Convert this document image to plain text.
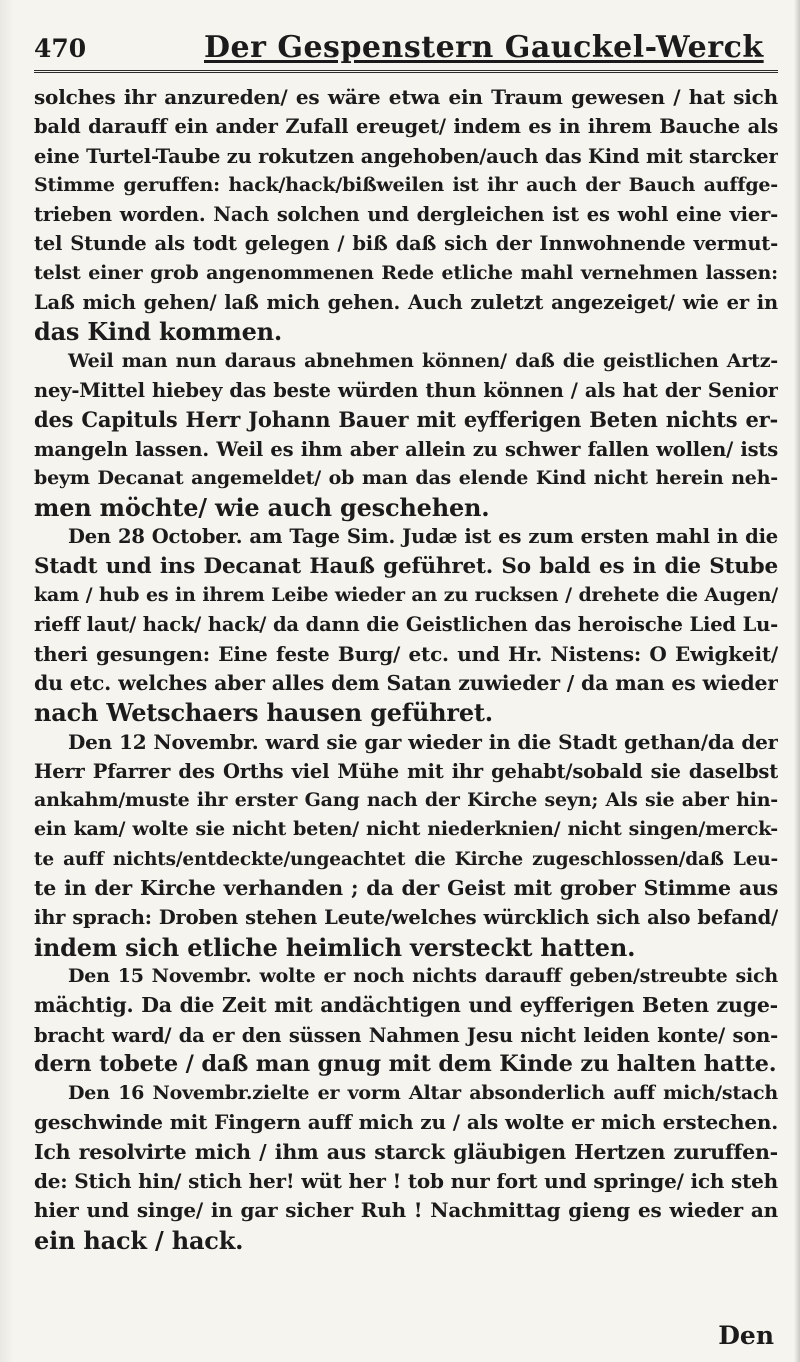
470	Der Gespenstern Gauckel-Werck
solches ihr anzureden/ es wäre etwa ein Traum gewesen / hat sich
bald darauff ein ander Zufall ereuget/ indem es in ihrem Bauche als
eine Turtel-Taube zu rokutzen angehoben/auch das Kind mit starcker
Stimme geruffen: hack/hack/bißweilen ist ihr auch der Bauch auffge-
trieben worden. Nach solchen und dergleichen ist es wohl eine vier-
tel Stunde als todt gelegen / biß daß sich der Innwohnende vermut-
telst einer grob angenommenen Rede etliche mahl vernehmen lassen:
Laß mich gehen/ laß mich gehen. Auch zuletzt angezeiget/ wie er in
das Kind kommen.
Weil man nun daraus abnehmen können/ daß die geistlichen Artz-
ney-Mittel hiebey das beste würden thun können / als hat der Senior
des Capituls Herr Johann Bauer mit eyfferigen Beten nichts er-
mangeln lassen. Weil es ihm aber allein zu schwer fallen wollen/ ists
beym Decanat angemeldet/ ob man das elende Kind nicht herein neh-
men möchte/ wie auch geschehen.
Den 28 October. am Tage Sim. Judæ ist es zum ersten mahl in die
Stadt und ins Decanat Hauß geführet. So bald es in die Stube
kam / hub es in ihrem Leibe wieder an zu rucksen / drehete die Augen/
rieff laut/ hack/ hack/ da dann die Geistlichen das heroische Lied Lu-
theri gesungen: Eine feste Burg/ etc. und Hr. Nistens: O Ewigkeit/
du etc. welches aber alles dem Satan zuwieder / da man es wieder
nach Wetschaers hausen geführet.
Den 12 Novembr. ward sie gar wieder in die Stadt gethan/da der
Herr Pfarrer des Orths viel Mühe mit ihr gehabt/sobald sie daselbst
ankahm/muste ihr erster Gang nach der Kirche seyn; Als sie aber hin-
ein kam/ wolte sie nicht beten/ nicht niederknien/ nicht singen/merck-
te auff nichts/entdeckte/ungeachtet die Kirche zugeschlossen/daß Leu-
te in der Kirche verhanden ; da der Geist mit grober Stimme aus
ihr sprach: Droben stehen Leute/welches würcklich sich also befand/
indem sich etliche heimlich versteckt hatten.
Den 15 Novembr. wolte er noch nichts darauff geben/streubte sich
mächtig. Da die Zeit mit andächtigen und eyfferigen Beten zuge-
bracht ward/ da er den süssen Nahmen Jesu nicht leiden konte/ son-
dern tobete / daß man gnug mit dem Kinde zu halten hatte.
Den 16 Novembr.zielte er vorm Altar absonderlich auff mich/stach
geschwinde mit Fingern auff mich zu / als wolte er mich erstechen.
Ich resolvirte mich / ihm aus starck gläubigen Hertzen zuruffen-
de: Stich hin/ stich her! wüt her ! tob nur fort und springe/ ich steh
hier und singe/ in gar sicher Ruh ! Nachmittag gieng es wieder an
ein hack / hack.
Den
